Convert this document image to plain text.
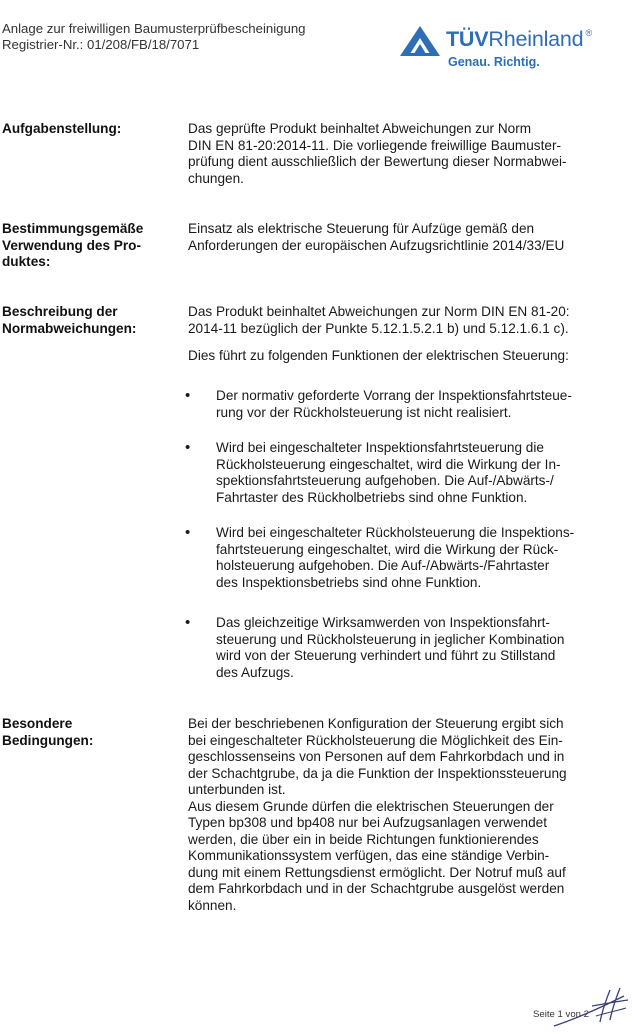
Anlage zur freiwilligen Baumusterprüfbescheinigung
Registrier-Nr.: 01/208/FB/18/7071	TÜVRheinland ®
Genau. Richtig.
Aufgabenstellung:	Das geprüfte Produkt beinhaltet Abweichungen zur Norm
DIN EN 81-20:2014-11. Die vorliegende freiwillige Baumuster-
prüfung dient ausschließlich der Bewertung dieser Normabwei-
chungen.
Bestimmungsgemäße
Verwendung des Pro-
duktes:
Einsatz als elektrische Steuerung für Aufzüge gemäß den
Anforderungen der europäischen Aufzugsrichtlinie 2014/33/EU
Beschreibung der
Normabweichungen:
Das Produkt beinhaltet Abweichungen zur Norm DIN EN 81-20:
2014-11 bezüglich der Punkte 5.12.1.5.2.1 b) und 5.12.1.6.1 c).
Dies führt zu folgenden Funktionen der elektrischen Steuerung:
• Der normativ geforderte Vorrang der Inspektionsfahrtsteue-
rung vor der Rückholsteuerung ist nicht realisiert.
• Wird bei eingeschalteter Inspektionsfahrtsteuerung die
Rückholsteuerung eingeschaltet, wird die Wirkung der In-
spektionsfahrtsteuerung aufgehoben. Die Auf-/Abwärts-/
Fahrtaster des Rückholbetriebs sind ohne Funktion.
• Wird bei eingeschalteter Rückholsteuerung die Inspektions-
fahrtsteuerung eingeschaltet, wird die Wirkung der Rück-
holsteuerung aufgehoben. Die Auf-/Abwärts-/Fahrtaster
des Inspektionsbetriebs sind ohne Funktion.
• Das gleichzeitige Wirksamwerden von Inspektionsfahrt-
steuerung und Rückholsteuerung in jeglicher Kombination
wird von der Steuerung verhindert und führt zu Stillstand
des Aufzugs.
Besondere
Bedingungen:
Bei der beschriebenen Konfiguration der Steuerung ergibt sich
bei eingeschalteter Rückholsteuerung die Möglichkeit des Ein-
geschlossenseins von Personen auf dem Fahrkorbdach und in
der Schachtgrube, da ja die Funktion der Inspektionssteuerung
unterbunden ist.
Aus diesem Grunde dürfen die elektrischen Steuerungen der
Typen bp308 und bp408 nur bei Aufzugsanlagen verwendet
werden, die über ein in beide Richtungen funktionierendes
Kommunikationssystem verfügen, das eine ständige Verbin-
dung mit einem Rettungsdienst ermöglicht. Der Notruf muß auf
dem Fahrkorbdach und in der Schachtgrube ausgelöst werden
können.
Seite 1 von 2
